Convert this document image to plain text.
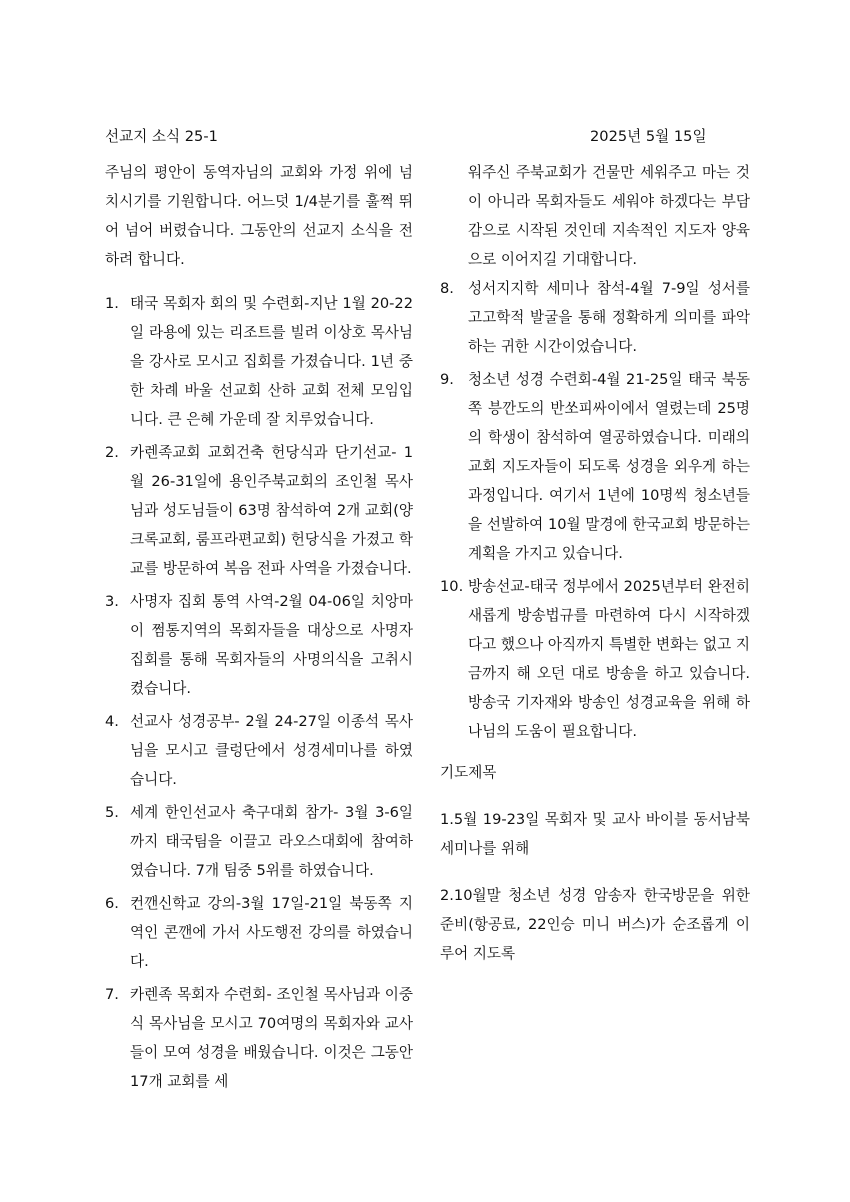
선교지 소식 25-1	2025년 5월 15일

주님의 평안이 동역자님의 교회와 가정 위에 넘치시기를 기원합니다. 어느덧 1/4분기를 훌쩍 뛰어 넘어 버렸습니다. 그동안의 선교지 소식을 전하려 합니다.

1. 태국 목회자 회의 및 수련회-지난 1월 20-22일 라용에 있는 리조트를 빌려 이상호 목사님을 강사로 모시고 집회를 가졌습니다. 1년 중 한 차례 바울 선교회 산하 교회 전체 모임입니다. 큰 은혜 가운데 잘 치루었습니다.
2. 카렌족교회 교회건축 헌당식과 단기선교- 1월 26-31일에 용인주북교회의 조인철 목사님과 성도님들이 63명 참석하여 2개 교회(양크록교회, 룸프라편교회) 헌당식을 가졌고 학교를 방문하여 복음 전파 사역을 가졌습니다.
3. 사명자 집회 통역 사역-2월 04-06일 치앙마이 쩜통지역의 목회자들을 대상으로 사명자 집회를 통해 목회자들의 사명의식을 고취시켰습니다.
4. 선교사 성경공부- 2월 24-27일 이종석 목사님을 모시고 클렁단에서 성경세미나를 하였습니다.
5. 세계 한인선교사 축구대회 참가- 3월 3-6일까지 태국팀을 이끌고 라오스대회에 참여하였습니다. 7개 팀중 5위를 하였습니다.
6. 컨깬신학교 강의-3월 17일-21일 북동쪽 지역인 콘깬에 가서 사도행전 강의를 하였습니다.
7. 카렌족 목회자 수련회- 조인철 목사님과 이중식 목사님을 모시고 70여명의 목회자와 교사들이 모여 성경을 배웠습니다. 이것은 그동안 17개 교회를 세

워주신 주북교회가 건물만 세워주고 마는 것이 아니라 목회자들도 세워야 하겠다는 부담감으로 시작된 것인데 지속적인 지도자 양육으로 이어지길 기대합니다.

8. 성서지지학 세미나 참석-4월 7-9일 성서를 고고학적 발굴을 통해 정확하게 의미를 파악하는 귀한 시간이었습니다.
9. 청소년 성경 수련회-4월 21-25일 태국 북동쪽 븡깐도의 반쏘피싸이에서 열렸는데 25명의 학생이 참석하여 열공하였습니다. 미래의 교회 지도자들이 되도록 성경을 외우게 하는 과정입니다. 여기서 1년에 10명씩 청소년들을 선발하여 10월 말경에 한국교회 방문하는 계획을 가지고 있습니다.
10. 방송선교-태국 정부에서 2025년부터 완전히 새롭게 방송법규를 마련하여 다시 시작하겠다고 했으나 아직까지 특별한 변화는 없고 지금까지 해 오던 대로 방송을 하고 있습니다. 방송국 기자재와 방송인 성경교육을 위해 하나님의 도움이 필요합니다.

기도제목

1.5월 19-23일 목회자 및 교사 바이블 동서남북 세미나를 위해

2.10월말 청소년 성경 암송자 한국방문을 위한 준비(항공료, 22인승 미니 버스)가 순조롭게 이루어 지도록
